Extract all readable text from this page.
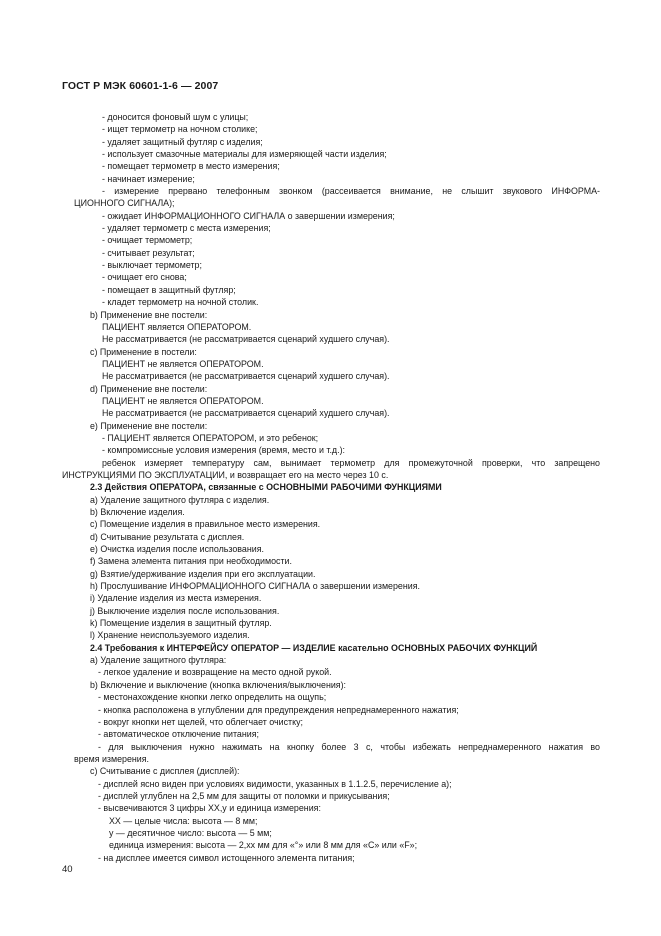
ГОСТ Р МЭК 60601-1-6 — 2007
- доносится фоновый шум с улицы;
- ищет термометр на ночном столике;
- удаляет защитный футляр с изделия;
- использует смазочные материалы для измеряющей части изделия;
- помещает термометр в место измерения;
- начинает измерение;
- измерение прервано телефонным звонком (рассеивается внимание, не слышит звукового ИНФОРМА-
ЦИОННОГО СИГНАЛА);
- ожидает ИНФОРМАЦИОННОГО СИГНАЛА о завершении измерения;
- удаляет термометр с места измерения;
- очищает термометр;
- считывает результат;
- выключает термометр;
- очищает его снова;
- помещает в защитный футляр;
- кладет термометр на ночной столик.
b) Применение вне постели:
ПАЦИЕНТ является ОПЕРАТОРОМ.
Не рассматривается (не рассматривается сценарий худшего случая).
c) Применение в постели:
ПАЦИЕНТ не является ОПЕРАТОРОМ.
Не рассматривается (не рассматривается сценарий худшего случая).
d) Применение вне постели:
ПАЦИЕНТ не является ОПЕРАТОРОМ.
Не рассматривается (не рассматривается сценарий худшего случая).
e) Применение вне постели:
- ПАЦИЕНТ является ОПЕРАТОРОМ, и это ребенок;
- компромиссные условия измерения (время, место и т.д.):
ребенок измеряет температуру сам, вынимает термометр для промежуточной проверки, что запрещено
ИНСТРУКЦИЯМИ ПО ЭКСПЛУАТАЦИИ, и возвращает его на место через 10 с.
2.3 Действия ОПЕРАТОРА, связанные с ОСНОВНЫМИ РАБОЧИМИ ФУНКЦИЯМИ
a) Удаление защитного футляра с изделия.
b) Включение изделия.
c) Помещение изделия в правильное место измерения.
d) Считывание результата с дисплея.
e) Очистка изделия после использования.
f) Замена элемента питания при необходимости.
g) Взятие/удерживание изделия при его эксплуатации.
h) Прослушивание ИНФОРМАЦИОННОГО СИГНАЛА о завершении измерения.
i) Удаление изделия из места измерения.
j) Выключение изделия после использования.
k) Помещение изделия в защитный футляр.
l) Хранение неиспользуемого изделия.
2.4 Требования к ИНТЕРФЕЙСУ ОПЕРАТОР — ИЗДЕЛИЕ касательно ОСНОВНЫХ РАБОЧИХ ФУНКЦИЙ
a) Удаление защитного футляра:
- легкое удаление и возвращение на место одной рукой.
b) Включение и выключение (кнопка включения/выключения):
- местонахождение кнопки легко определить на ощупь;
- кнопка расположена в углублении для предупреждения непреднамеренного нажатия;
- вокруг кнопки нет щелей, что облегчает очистку;
- автоматическое отключение питания;
- для выключения нужно нажимать на кнопку более 3 с, чтобы избежать непреднамеренного нажатия во
время измерения.
c) Считывание с дисплея (дисплей):
- дисплей ясно виден при условиях видимости, указанных в 1.1.2.5, перечисление а);
- дисплей углублен на 2,5 мм для защиты от поломки и прикусывания;
- высвечиваются 3 цифры XX,y и единица измерения:
XX — целые числа: высота — 8 мм;
y — десятичное число: высота — 5 мм;
единица измерения: высота — 2,xx мм для «°» или 8 мм для «С» или «F»;
- на дисплее имеется символ истощенного элемента питания;
40
